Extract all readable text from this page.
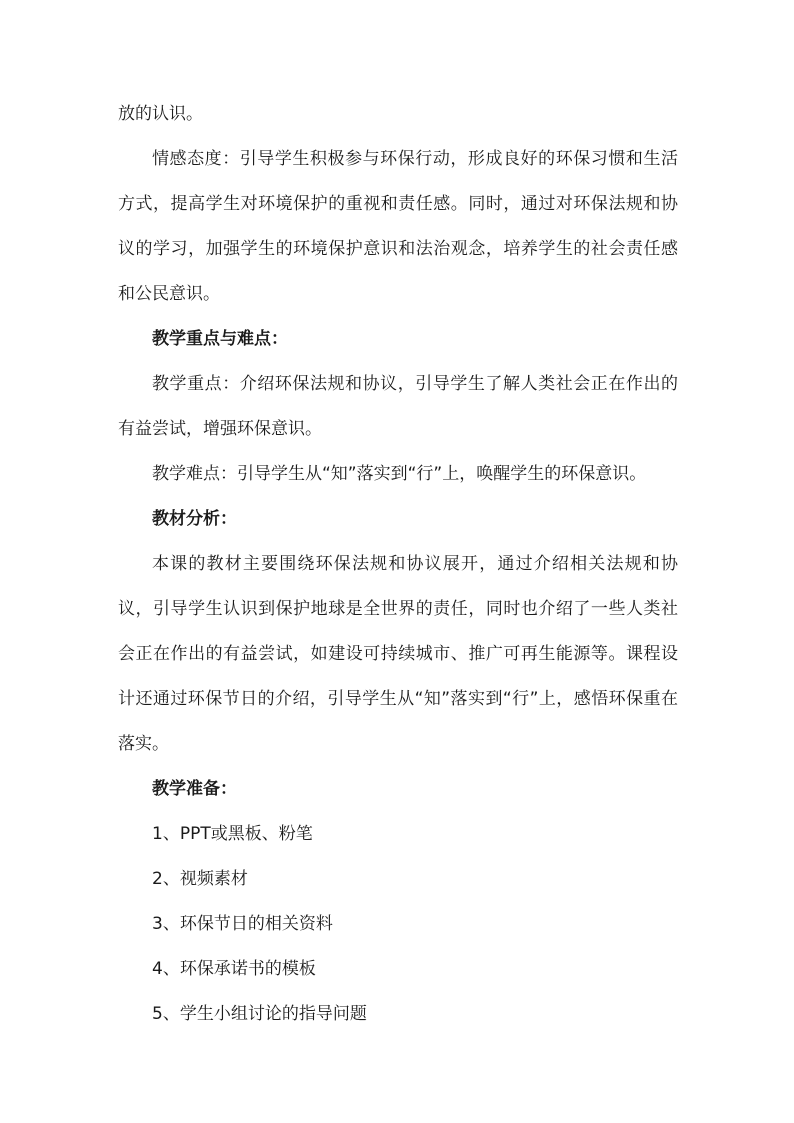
放的认识。

情感态度：引导学生积极参与环保行动，形成良好的环保习惯和生活方式，提高学生对环境保护的重视和责任感。同时，通过对环保法规和协议的学习，加强学生的环境保护意识和法治观念，培养学生的社会责任感和公民意识。

教学重点与难点：

教学重点：介绍环保法规和协议，引导学生了解人类社会正在作出的有益尝试，增强环保意识。

教学难点：引导学生从“知”落实到“行”上，唤醒学生的环保意识。

教材分析：

本课的教材主要围绕环保法规和协议展开，通过介绍相关法规和协议，引导学生认识到保护地球是全世界的责任，同时也介绍了一些人类社会正在作出的有益尝试，如建设可持续城市、推广可再生能源等。课程设计还通过环保节日的介绍，引导学生从“知”落实到“行”上，感悟环保重在落实。

教学准备：

1、PPT或黑板、粉笔

2、视频素材

3、环保节日的相关资料

4、环保承诺书的模板

5、学生小组讨论的指导问题
